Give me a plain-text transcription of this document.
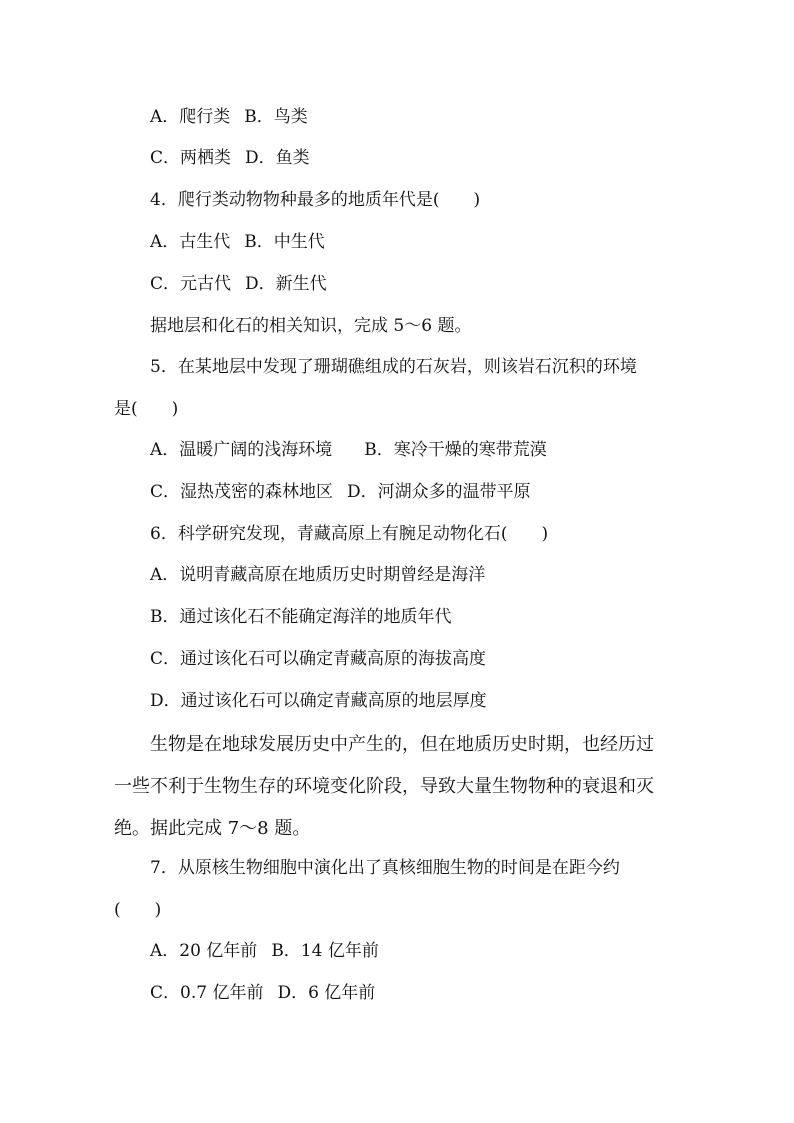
A．爬行类 B．鸟类
C．两栖类 D．鱼类
4．爬行类动物物种最多的地质年代是(　　)
A．古生代 B．中生代
C．元古代 D．新生代
据地层和化石的相关知识，完成 5～6 题。
5．在某地层中发现了珊瑚礁组成的石灰岩，则该岩石沉积的环境
是(　　)
A．温暖广阔的浅海环境 B．寒冷干燥的寒带荒漠
C．湿热茂密的森林地区 D．河湖众多的温带平原
6．科学研究发现，青藏高原上有腕足动物化石(　　)
A．说明青藏高原在地质历史时期曾经是海洋
B．通过该化石不能确定海洋的地质年代
C．通过该化石可以确定青藏高原的海拔高度
D．通过该化石可以确定青藏高原的地层厚度
生物是在地球发展历史中产生的，但在地质历史时期，也经历过
一些不利于生物生存的环境变化阶段，导致大量生物物种的衰退和灭
绝。据此完成 7～8 题。
7．从原核生物细胞中演化出了真核细胞生物的时间是在距今约
(　　)
A．20 亿年前 B．14 亿年前
C．0.7 亿年前 D．6 亿年前
